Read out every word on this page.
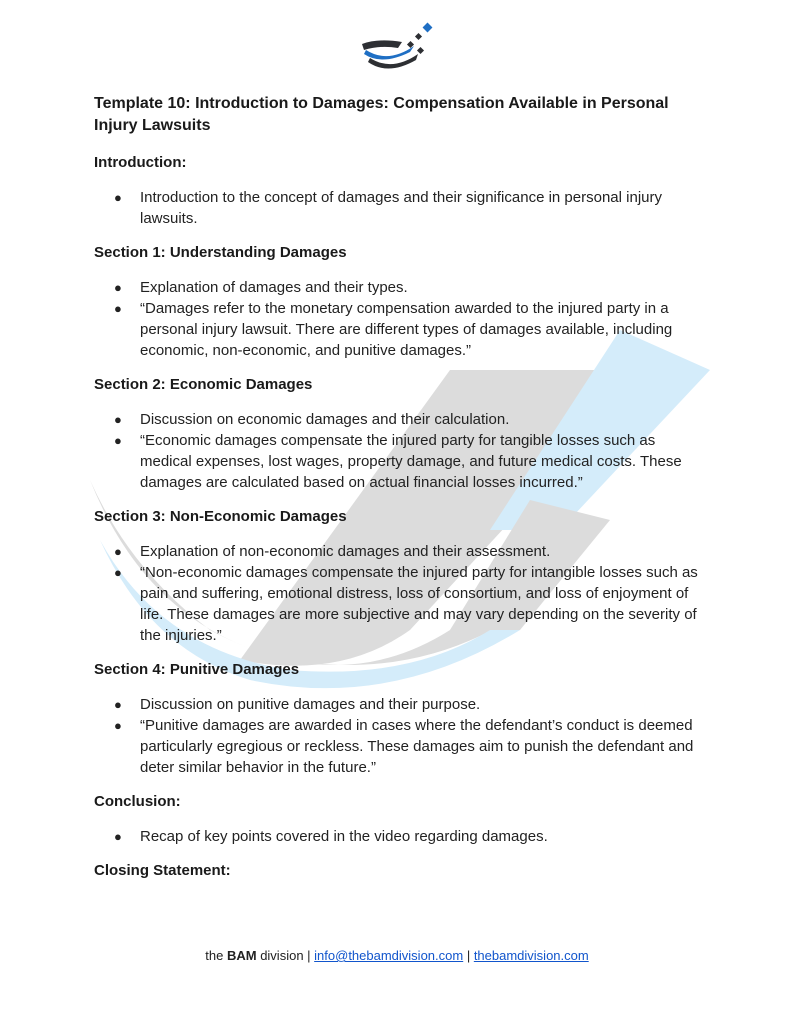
Template 10: Introduction to Damages: Compensation Available in Personal Injury Lawsuits
Introduction:
● Introduction to the concept of damages and their significance in personal injury lawsuits.
Section 1: Understanding Damages
● Explanation of damages and their types.
● “Damages refer to the monetary compensation awarded to the injured party in a personal injury lawsuit. There are different types of damages available, including economic, non-economic, and punitive damages.”
Section 2: Economic Damages
● Discussion on economic damages and their calculation.
● “Economic damages compensate the injured party for tangible losses such as medical expenses, lost wages, property damage, and future medical costs. These damages are calculated based on actual financial losses incurred.”
Section 3: Non-Economic Damages
● Explanation of non-economic damages and their assessment.
● “Non-economic damages compensate the injured party for intangible losses such as pain and suffering, emotional distress, loss of consortium, and loss of enjoyment of life. These damages are more subjective and may vary depending on the severity of the injuries.”
Section 4: Punitive Damages
● Discussion on punitive damages and their purpose.
● “Punitive damages are awarded in cases where the defendant’s conduct is deemed particularly egregious or reckless. These damages aim to punish the defendant and deter similar behavior in the future.”
Conclusion:
● Recap of key points covered in the video regarding damages.
Closing Statement:
the BAM division | info@thebamdivision.com | thebamdivision.com
